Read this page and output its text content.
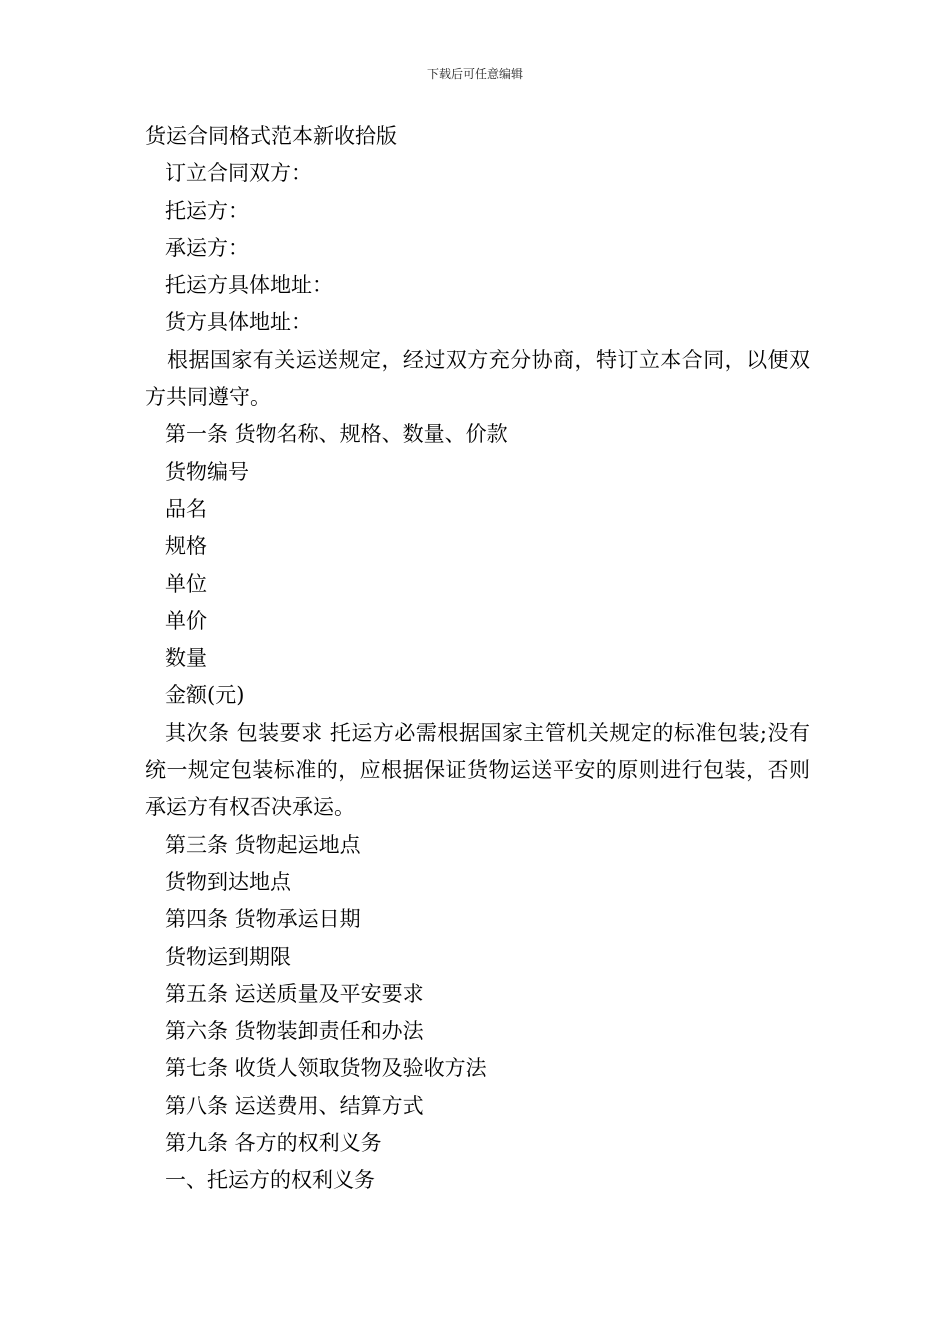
下载后可任意编辑

货运合同格式范本新收拾版

订立合同双方：

托运方：

承运方：

托运方具体地址：

货方具体地址：

根据国家有关运送规定，经过双方充分协商，特订立本合同，以便双方共同遵守。

第一条 货物名称、规格、数量、价款

货物编号

品名

规格

单位

单价

数量

金额(元)

其次条 包装要求 托运方必需根据国家主管机关规定的标准包装;没有统一规定包装标准的，应根据保证货物运送平安的原则进行包装，否则承运方有权否决承运。

第三条 货物起运地点

货物到达地点

第四条 货物承运日期

货物运到期限

第五条 运送质量及平安要求

第六条 货物装卸责任和办法

第七条 收货人领取货物及验收方法

第八条 运送费用、结算方式

第九条 各方的权利义务

一、托运方的权利义务
